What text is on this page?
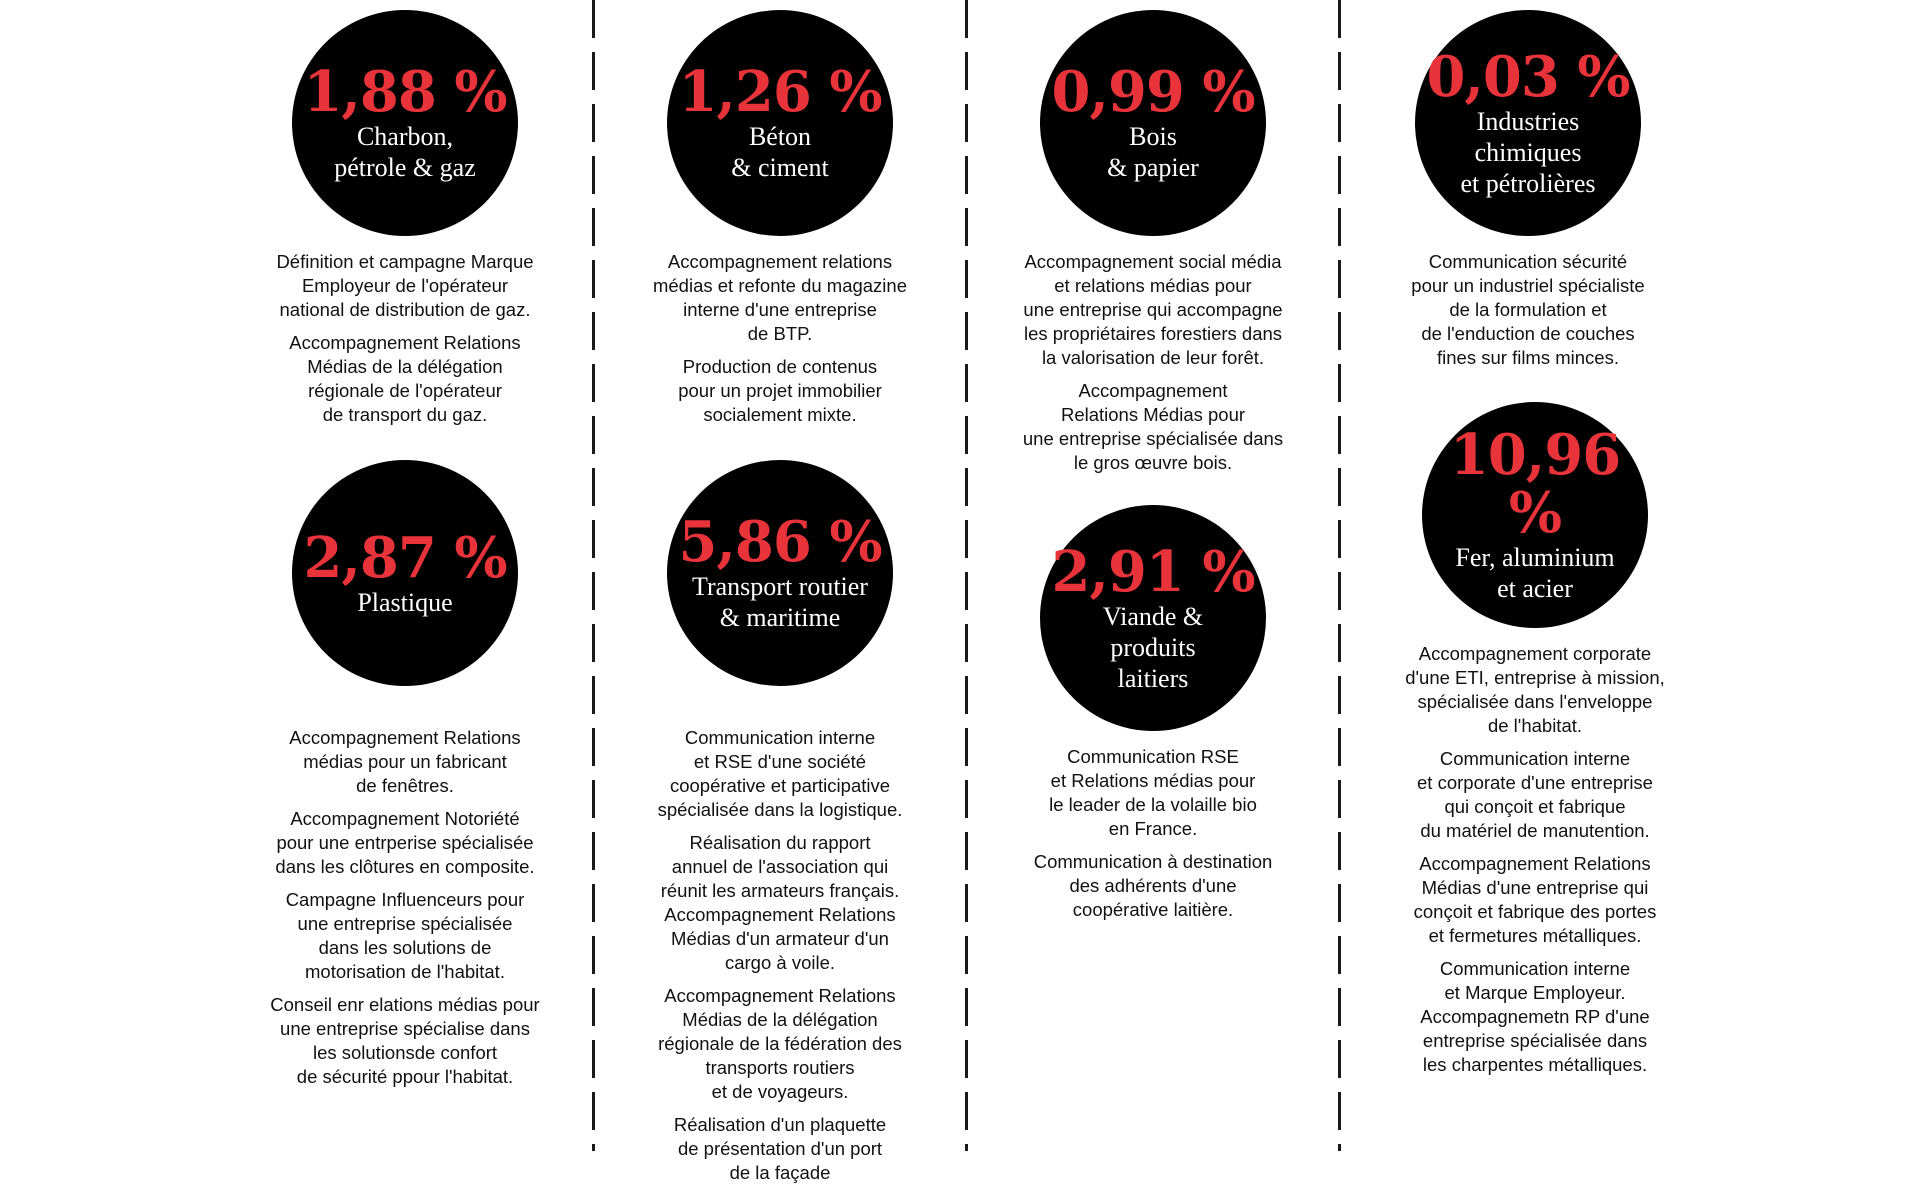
1,88 %
Charbon,
pétrole & gaz
Définition et campagne Marque
Employeur de l'opérateur
national de distribution de gaz.
Accompagnement Relations
Médias de la délégation
régionale de l'opérateur
de transport du gaz.
1,26 %
Béton
& ciment
Accompagnement relations
médias et refonte du magazine
interne d'une entreprise
de BTP.
Production de contenus
pour un projet immobilier
socialement mixte.
0,99 %
Bois
& papier
Accompagnement social média
et relations médias pour
une entreprise qui accompagne
les propriétaires forestiers dans
la valorisation de leur forêt.
Accompagnement
Relations Médias pour
une entreprise spécialisée dans
le gros œuvre bois.
0,03 %
Industries
chimiques
et pétrolières
Communication sécurité
pour un industriel spécialiste
de la formulation et
de l'enduction de couches
fines sur films minces.
2,87 %
Plastique
Accompagnement Relations
médias pour un fabricant
de fenêtres.
Accompagnement Notoriété
pour une entrperise spécialisée
dans les clôtures en composite.
Campagne Influenceurs pour
une entreprise spécialisée
dans les solutions de
motorisation de l'habitat.
Conseil enr elations médias pour
une entreprise spécialise dans
les solutionsde confort
de sécurité ppour l'habitat.
5,86 %
Transport routier
& maritime
Communication interne
et RSE d'une société
coopérative et participative
spécialisée dans la logistique.
Réalisation du rapport
annuel de l'association qui
réunit les armateurs français.
Accompagnement Relations
Médias d'un armateur d'un
cargo à voile.
Accompagnement Relations
Médias de la délégation
régionale de la fédération des
transports routiers
et de voyageurs.
Réalisation d'un plaquette
de présentation d'un port
de la façade
2,91 %
Viande &
produits
laitiers
Communication RSE
et Relations médias pour
le leader de la volaille bio
en France.
Communication à destination
des adhérents d'une
coopérative laitière.
10,96 %
Fer, aluminium
et acier
Accompagnement corporate
d'une ETI, entreprise à mission,
spécialisée dans l'enveloppe
de l'habitat.
Communication interne
et corporate d'une entreprise
qui conçoit et fabrique
du matériel de manutention.
Accompagnement Relations
Médias d'une entreprise qui
conçoit et fabrique des portes
et fermetures métalliques.
Communication interne
et Marque Employeur.
Accompagnemetn RP d'une
entreprise spécialisée dans
les charpentes métalliques.
